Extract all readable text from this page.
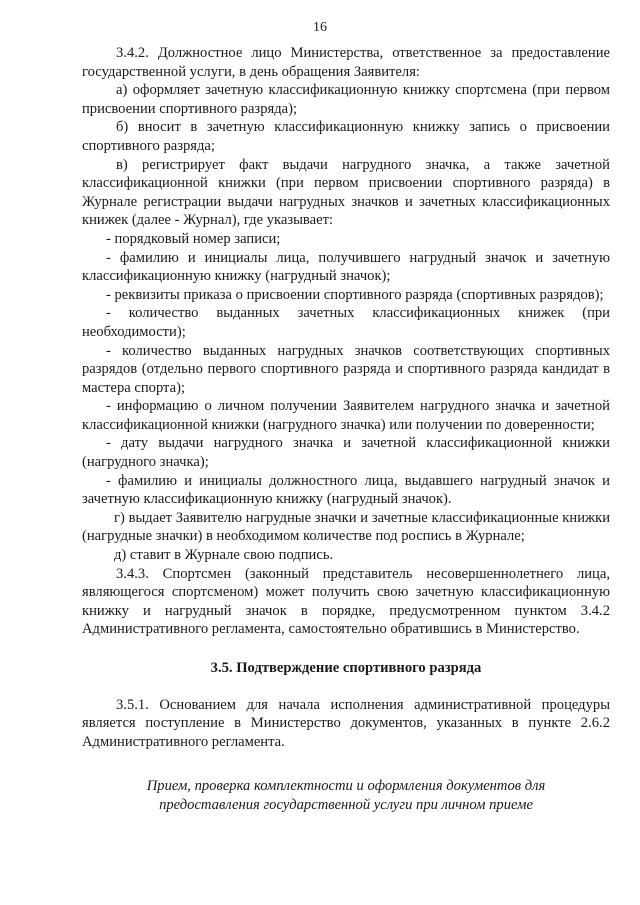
16

3.4.2. Должностное лицо Министерства, ответственное за предоставление государственной услуги, в день обращения Заявителя:

а) оформляет зачетную классификационную книжку спортсмена (при первом присвоении спортивного разряда);

б) вносит в зачетную классификационную книжку запись о присвоении спортивного разряда;

в) регистрирует факт выдачи нагрудного значка, а также зачетной классификационной книжки (при первом присвоении спортивного разряда) в Журнале регистрации выдачи нагрудных значков и зачетных классификационных книжек (далее - Журнал), где указывает:

- порядковый номер записи;

- фамилию и инициалы лица, получившего нагрудный значок и зачетную классификационную книжку (нагрудный значок);

- реквизиты приказа о присвоении спортивного разряда (спортивных разрядов);

- количество выданных зачетных классификационных книжек (при необходимости);

- количество выданных нагрудных значков соответствующих спортивных разрядов (отдельно первого спортивного разряда и спортивного разряда кандидат в мастера спорта);

- информацию о личном получении Заявителем нагрудного значка и зачетной классификационной книжки (нагрудного значка) или получении по доверенности;

- дату выдачи нагрудного значка и зачетной классификационной книжки (нагрудного значка);

- фамилию и инициалы должностного лица, выдавшего нагрудный значок и зачетную классификационную книжку (нагрудный значок).

г) выдает Заявителю нагрудные значки и зачетные классификационные книжки (нагрудные значки) в необходимом количестве под роспись в Журнале;

д) ставит в Журнале свою подпись.

3.4.3. Спортсмен (законный представитель несовершеннолетнего лица, являющегося спортсменом) может получить свою зачетную классификационную книжку и нагрудный значок в порядке, предусмотренном пунктом 3.4.2 Административного регламента, самостоятельно обратившись в Министерство.

3.5. Подтверждение спортивного разряда

3.5.1. Основанием для начала исполнения административной процедуры является поступление в Министерство документов, указанных в пункте 2.6.2 Административного регламента.

Прием, проверка комплектности и оформления документов для предоставления государственной услуги при личном приеме
